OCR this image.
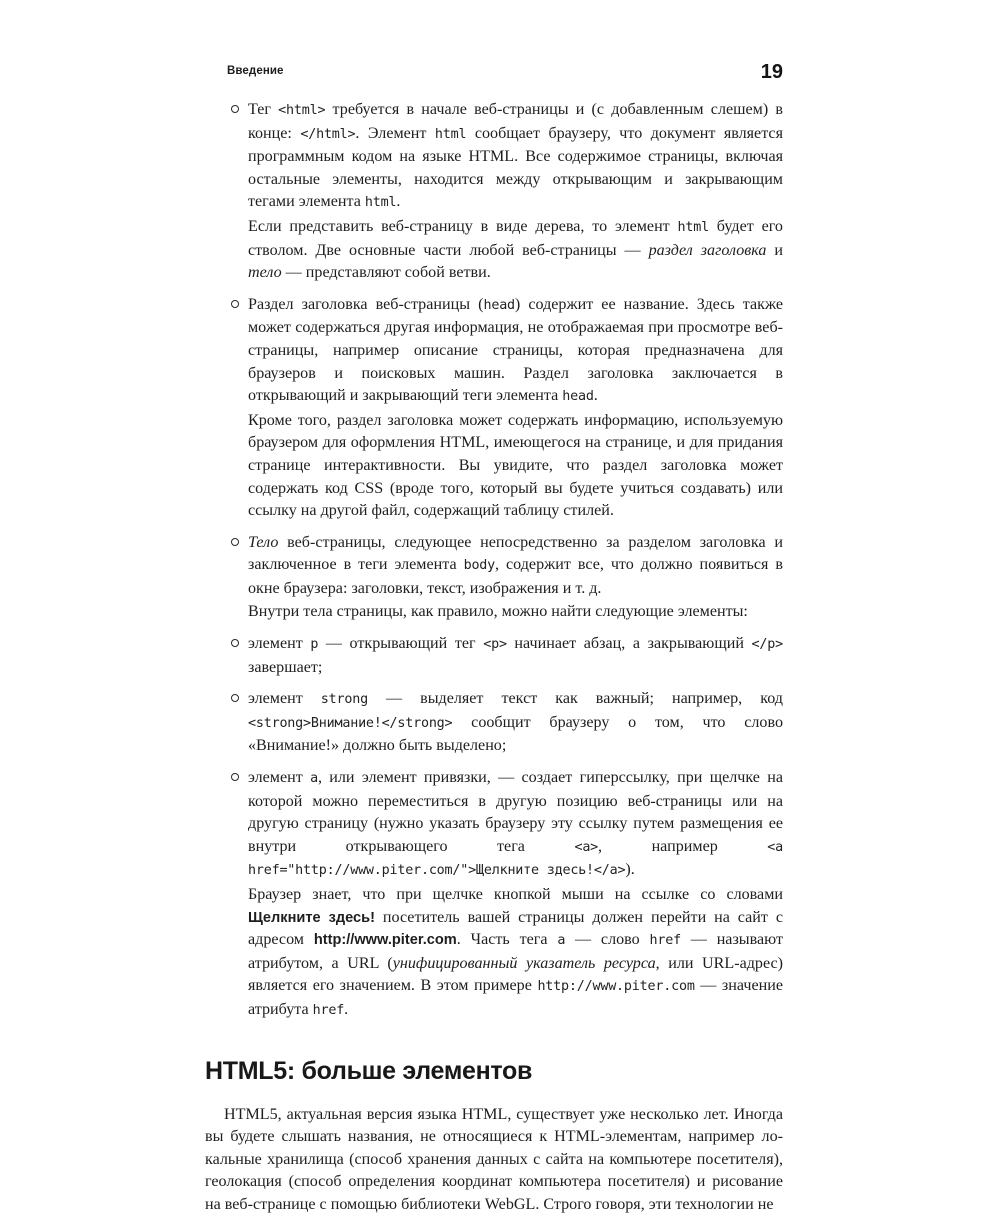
Введение	19

Тег <html> требуется в начале веб-страницы и (с добавленным слешем) в конце: </html>. Элемент html сообщает браузеру, что документ является программным кодом на языке HTML. Все содержимое страницы, включая остальные элементы, находится между открывающим и закрывающим тегами элемента html.

Если представить веб-страницу в виде дерева, то элемент html будет его стволом. Две основные части любой веб-страницы — раздел заголовка и тело — представляют собой ветви.

Раздел заголовка веб-страницы (head) содержит ее название. Здесь также может содержаться другая информация, не отображаемая при просмотре веб-страницы, например описание страницы, которая предназначена для браузеров и поисковых машин. Раздел заголовка заключается в открывающий и закрывающий теги элемента head.

Кроме того, раздел заголовка может содержать информацию, используемую браузером для оформления HTML, имеющегося на странице, и для придания странице интерактивности. Вы увидите, что раздел заголовка может содержать код CSS (вроде того, который вы будете учиться создавать) или ссылку на другой файл, содержащий таблицу стилей.

Тело веб-страницы, следующее непосредственно за разделом заголовка и заключенное в теги элемента body, содержит все, что должно появиться в окне браузера: заголовки, текст, изображения и т. д.

Внутри тела страницы, как правило, можно найти следующие элементы:

элемент p — открывающий тег <p> начинает абзац, а закрывающий </p> завершает;

элемент strong — выделяет текст как важный; например, код <strong>Внимание!</strong> сообщит браузеру о том, что слово «Внимание!» должно быть выделено;

элемент a, или элемент привязки, — создает гиперссылку, при щелчке на которой можно переместиться в другую позицию веб-страницы или на другую страницу (нужно указать браузеру эту ссылку путем размещения ее внутри открывающего тега <a>, например <a href="http://www.piter.com/">Щелкните здесь!</a>).

Браузер знает, что при щелчке кнопкой мыши на ссылке со словами Щелкните здесь! посетитель вашей страницы должен перейти на сайт с адресом http://www.piter.com. Часть тега a — слово href — называют атрибутом, а URL (унифицированный указатель ресурса, или URL-адрес) является его значением. В этом примере http://www.piter.com — значение атрибута href.

HTML5: больше элементов

HTML5, актуальная версия языка HTML, существует уже несколько лет. Иногда вы будете слышать названия, не относящиеся к HTML-элементам, например локальные хранилища (способ хранения данных с сайта на компьютере посетителя), геолокация (способ определения координат компьютера посетителя) и рисование на веб-странице с помощью библиотеки WebGL. Строго говоря, эти технологии не
